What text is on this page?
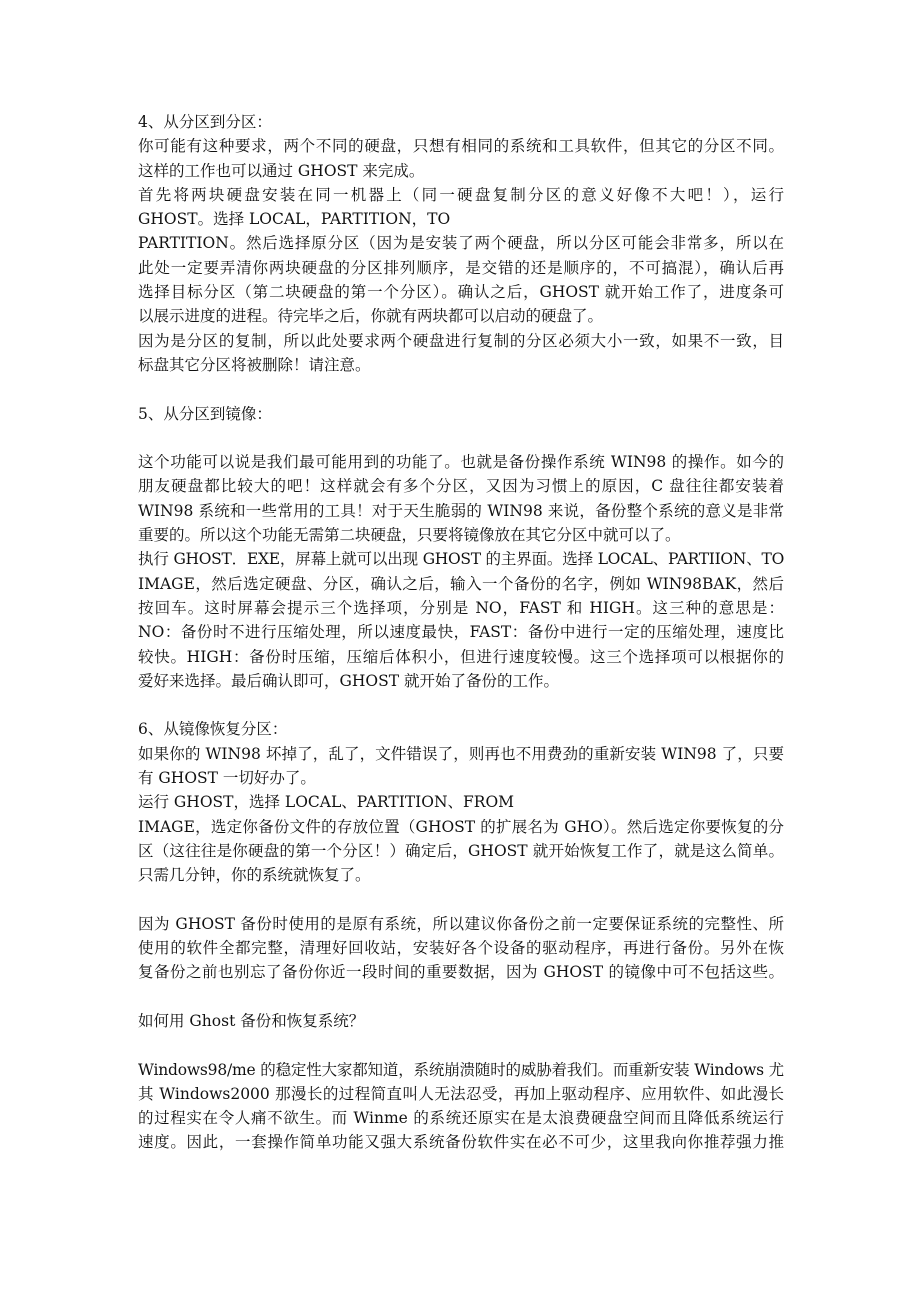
4、从分区到分区：
你可能有这种要求，两个不同的硬盘，只想有相同的系统和工具软件，但其它的分区不同。
这样的工作也可以通过 GHOST 来完成。
首先将两块硬盘安装在同一机器上（同一硬盘复制分区的意义好像不大吧！），运行
GHOST。选择 LOCAL，PARTITION，TO
PARTITION。然后选择原分区（因为是安装了两个硬盘，所以分区可能会非常多，所以在
此处一定要弄清你两块硬盘的分区排列顺序，是交错的还是顺序的，不可搞混），确认后再
选择目标分区（第二块硬盘的第一个分区）。确认之后，GHOST 就开始工作了，进度条可
以展示进度的进程。待完毕之后，你就有两块都可以启动的硬盘了。
因为是分区的复制，所以此处要求两个硬盘进行复制的分区必须大小一致，如果不一致，目
标盘其它分区将被删除！请注意。
5、从分区到镜像：
这个功能可以说是我们最可能用到的功能了。也就是备份操作系统 WIN98 的操作。如今的
朋友硬盘都比较大的吧！这样就会有多个分区，又因为习惯上的原因，C 盘往往都安装着
WIN98 系统和一些常用的工具！对于天生脆弱的 WIN98 来说，备份整个系统的意义是非常
重要的。所以这个功能无需第二块硬盘，只要将镜像放在其它分区中就可以了。
执行 GHOST．EXE，屏幕上就可以出现 GHOST 的主界面。选择 LOCAL、PARTIION、TO
IMAGE，然后选定硬盘、分区，确认之后，输入一个备份的名字，例如 WIN98BAK，然后
按回车。这时屏幕会提示三个选择项，分别是 NO，FAST 和 HIGH。这三种的意思是：
NO：备份时不进行压缩处理，所以速度最快，FAST：备份中进行一定的压缩处理，速度比
较快。HIGH：备份时压缩，压缩后体积小，但进行速度较慢。这三个选择项可以根据你的
爱好来选择。最后确认即可，GHOST 就开始了备份的工作。
6、从镜像恢复分区：
如果你的 WIN98 坏掉了，乱了，文件错误了，则再也不用费劲的重新安装 WIN98 了，只要
有 GHOST 一切好办了。
运行 GHOST，选择 LOCAL、PARTITION、FROM
IMAGE，选定你备份文件的存放位置（GHOST 的扩展名为 GHO）。然后选定你要恢复的分
区（这往往是你硬盘的第一个分区！）确定后，GHOST 就开始恢复工作了，就是这么简单。
只需几分钟，你的系统就恢复了。
因为 GHOST 备份时使用的是原有系统，所以建议你备份之前一定要保证系统的完整性、所
使用的软件全都完整，清理好回收站，安装好各个设备的驱动程序，再进行备份。另外在恢
复备份之前也别忘了备份你近一段时间的重要数据，因为 GHOST 的镜像中可不包括这些。
如何用 Ghost 备份和恢复系统？
Windows98/me 的稳定性大家都知道，系统崩溃随时的威胁着我们。而重新安装 Windows 尤
其 Windows2000 那漫长的过程简直叫人无法忍受，再加上驱动程序、应用软件、如此漫长
的过程实在令人痛不欲生。而 Winme 的系统还原实在是太浪费硬盘空间而且降低系统运行
速度。因此，一套操作简单功能又强大系统备份软件实在必不可少，这里我向你推荐强力推
